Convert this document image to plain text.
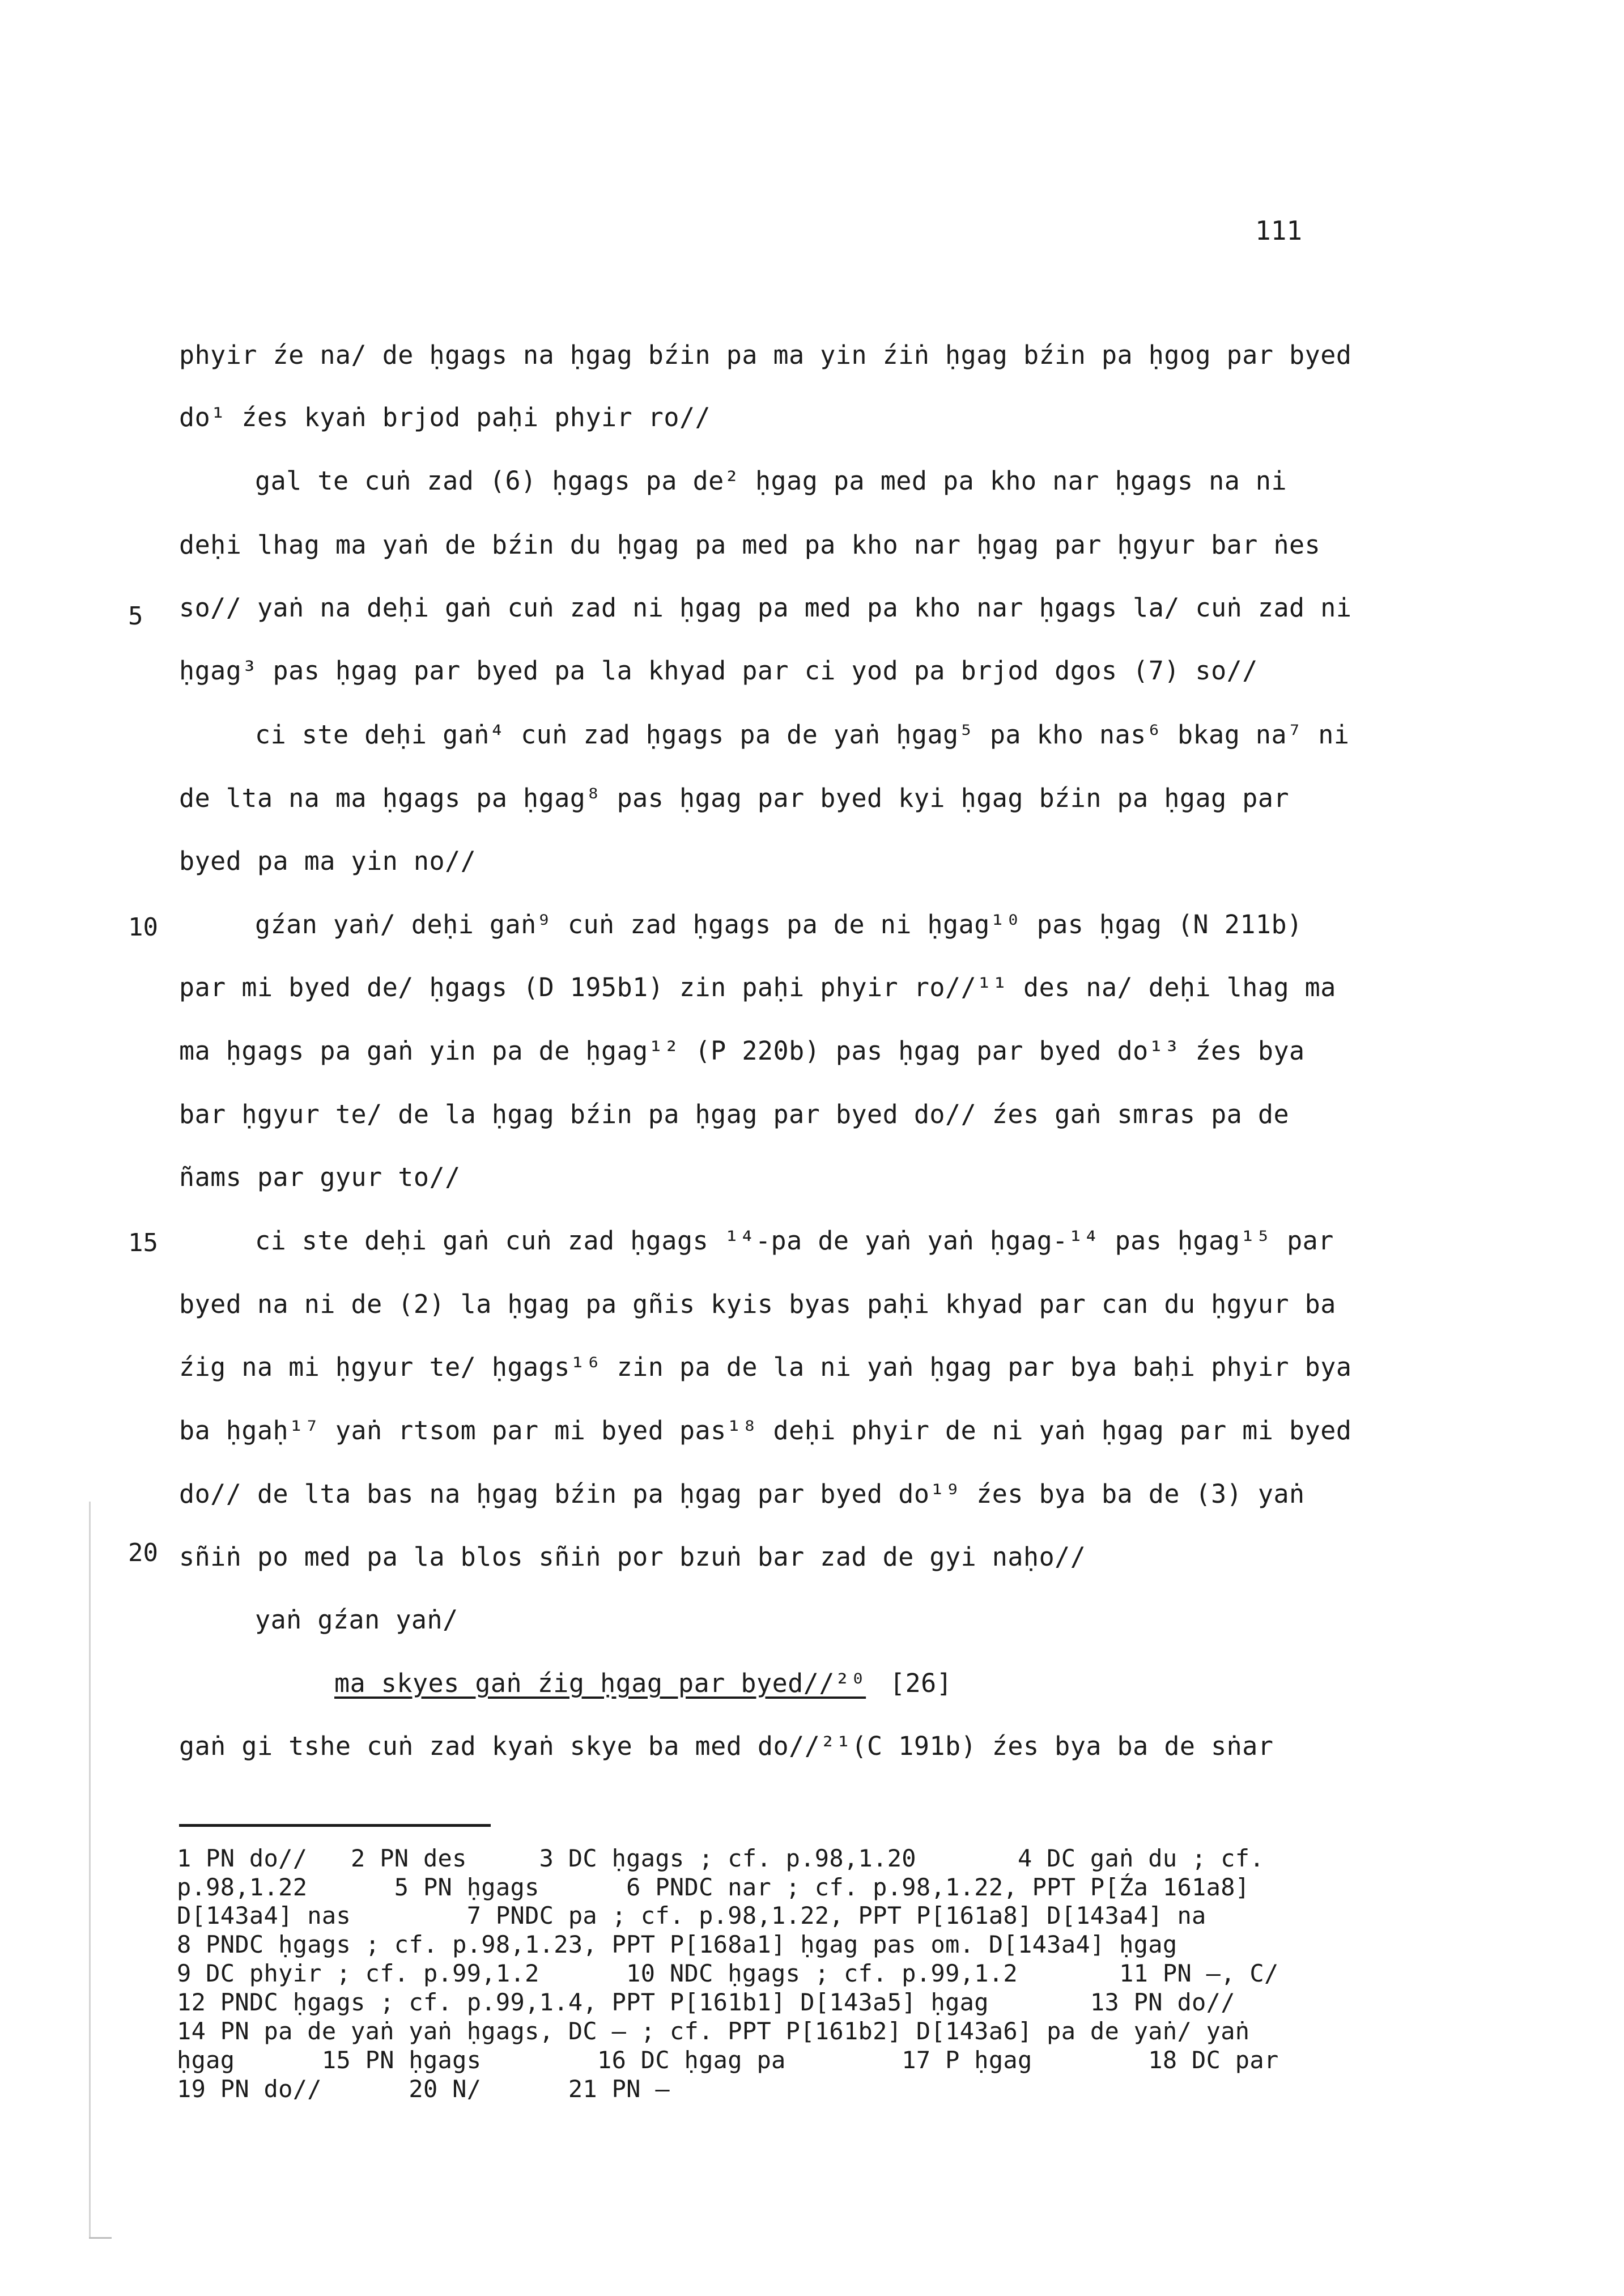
111
5
10
15
20
phyir źe na/ de ḥgags na ḥgag bźin pa ma yin źiṅ ḥgag bźin pa ḥgog par byed
do¹ źes kyaṅ brjod paḥi phyir ro//
gal te cuṅ zad (6) ḥgags pa de² ḥgag pa med pa kho nar ḥgags na ni
deḥi lhag ma yaṅ de bźin du ḥgag pa med pa kho nar ḥgag par ḥgyur bar ṅes
so// yaṅ na deḥi gaṅ cuṅ zad ni ḥgag pa med pa kho nar ḥgags la/ cuṅ zad ni
ḥgag³ pas ḥgag par byed pa la khyad par ci yod pa brjod dgos (7) so//
ci ste deḥi gaṅ⁴ cuṅ zad ḥgags pa de yaṅ ḥgag⁵ pa kho nas⁶ bkag na⁷ ni
de lta na ma ḥgags pa ḥgag⁸ pas ḥgag par byed kyi ḥgag bźin pa ḥgag par
byed pa ma yin no//
gźan yaṅ/ deḥi gaṅ⁹ cuṅ zad ḥgags pa de ni ḥgag¹⁰ pas ḥgag (N 211b)
par mi byed de/ ḥgags (D 195b1) zin paḥi phyir ro//¹¹ des na/ deḥi lhag ma
ma ḥgags pa gaṅ yin pa de ḥgag¹² (P 220b) pas ḥgag par byed do¹³ źes bya
bar ḥgyur te/ de la ḥgag bźin pa ḥgag par byed do// źes gaṅ smras pa de
ñams par gyur to//
ci ste deḥi gaṅ cuṅ zad ḥgags ¹⁴-pa de yaṅ yaṅ ḥgag-¹⁴ pas ḥgag¹⁵ par
byed na ni de (2) la ḥgag pa gñis kyis byas paḥi khyad par can du ḥgyur ba
źig na mi ḥgyur te/ ḥgags¹⁶ zin pa de la ni yaṅ ḥgag par bya baḥi phyir bya
ba ḥgaḥ¹⁷ yaṅ rtsom par mi byed pas¹⁸ deḥi phyir de ni yaṅ ḥgag par mi byed
do// de lta bas na ḥgag bźin pa ḥgag par byed do¹⁹ źes bya ba de (3) yaṅ
sñiṅ po med pa la blos sñiṅ por bzuṅ bar zad de gyi naḥo//
yaṅ gźan yaṅ/
ma skyes gaṅ źig ḥgag par byed//²⁰ [26]
gaṅ gi tshe cuṅ zad kyaṅ skye ba med do//²¹(C 191b) źes bya ba de sṅar
1 PN do//   2 PN des     3 DC ḥgags ; cf. p.98,1.20       4 DC gaṅ du ; cf.
p.98,1.22      5 PN ḥgags      6 PNDC nar ; cf. p.98,1.22, PPT P[Źa 161a8]
D[143a4] nas        7 PNDC pa ; cf. p.98,1.22, PPT P[161a8] D[143a4] na
8 PNDC ḥgags ; cf. p.98,1.23, PPT P[168a1] ḥgag pas om. D[143a4] ḥgag
9 DC phyir ; cf. p.99,1.2      10 NDC ḥgags ; cf. p.99,1.2       11 PN —, C/
12 PNDC ḥgags ; cf. p.99,1.4, PPT P[161b1] D[143a5] ḥgag       13 PN do//
14 PN pa de yaṅ yaṅ ḥgags, DC — ; cf. PPT P[161b2] D[143a6] pa de yaṅ/ yaṅ
ḥgag      15 PN ḥgags        16 DC ḥgag pa        17 P ḥgag        18 DC par
19 PN do//      20 N/      21 PN —
